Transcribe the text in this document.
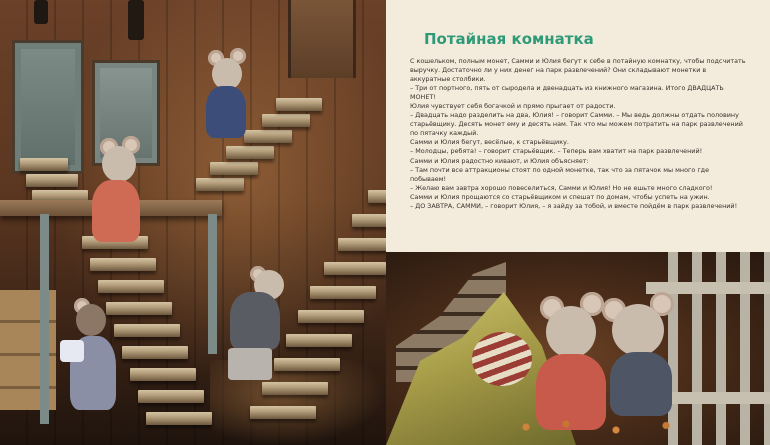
Потайная комнатка

С кошельком, полным монет, Самми и Юлия бегут к себе в потайную комнатку, чтобы подсчитать выручку. Достаточно ли у них денег на парк развлечений? Они складывают монетки в аккуратные столбики.

– Три от портного, пять от сыродела и двенадцать из книжного магазина. Итого ДВАДЦАТЬ МОНЕТ!

Юлия чувствует себя богачкой и прямо прыгает от радости.

– Двадцать надо разделить на два, Юлия! – говорит Самми. – Мы ведь должны отдать половину старьёвщику. Десять монет ему и десять нам. Так что мы можем потратить на парк развлечений по пятачку каждый.

Самми и Юлия бегут, весёлые, к старьёвщику.

– Молодцы, ребята! – говорит старьёвщик. – Теперь вам хватит на парк развлечений!

Самми и Юлия радостно кивают, и Юлия объясняет:

– Там почти все аттракционы стоят по одной монетке, так что за пятачок мы много где побываем!

– Желаю вам завтра хорошо повеселиться, Самми и Юлия! Но не ешьте много сладкого!

Самми и Юлия прощаются со старьёвщиком и спешат по домам, чтобы успеть на ужин.

– ДО ЗАВТРА, САММИ, – говорит Юлия, – я зайду за тобой, и вместе пойдём в парк развлечений!
